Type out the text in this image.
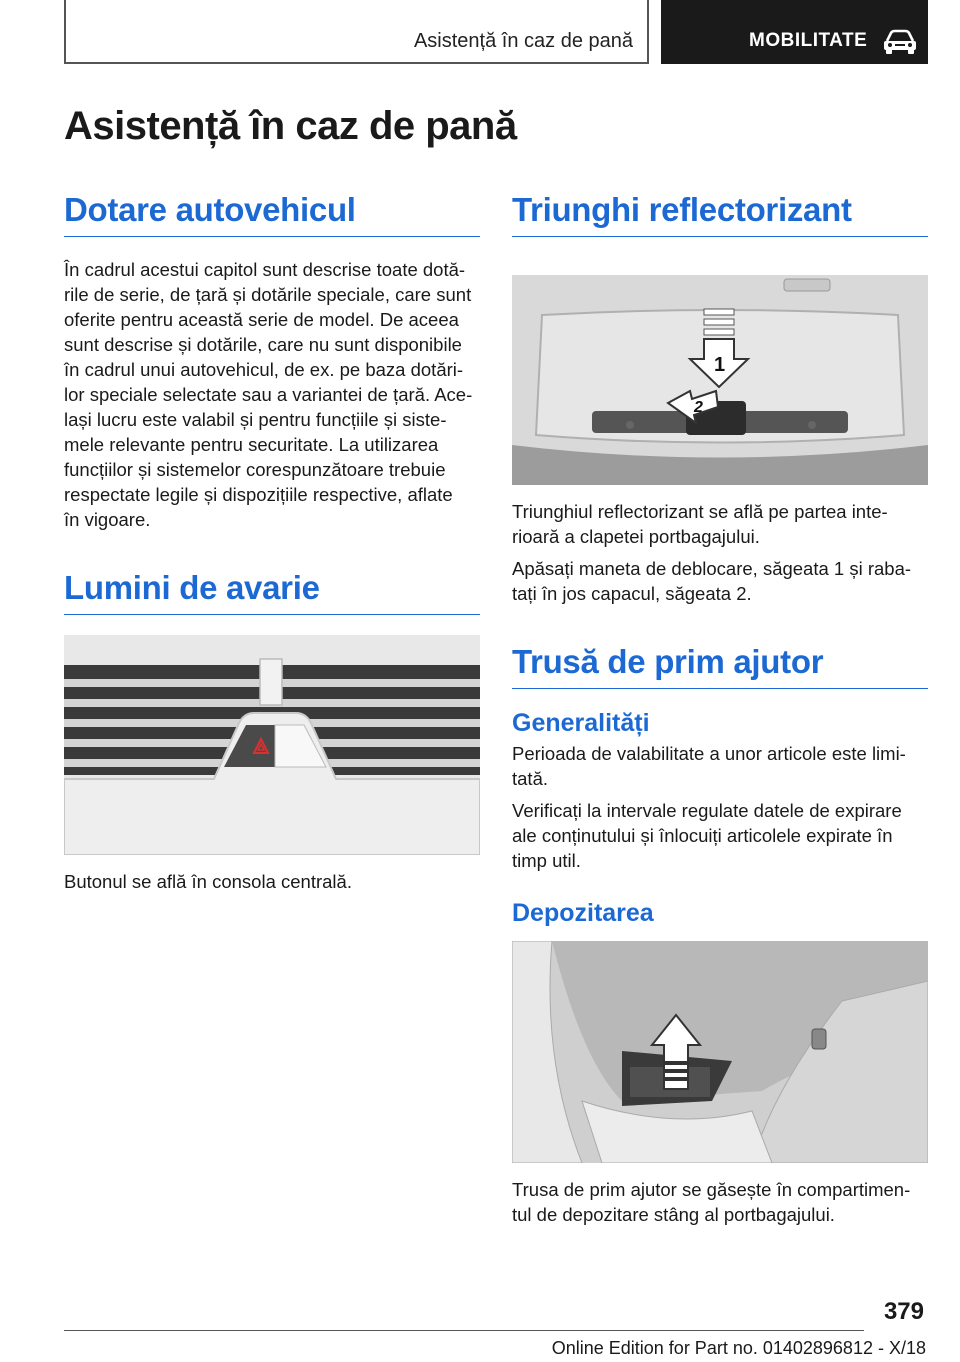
Asistență în caz de pană	MOBILITATE
Asistență în caz de pană
Dotare autovehicul
În cadrul acestui capitol sunt descrise toate dotă‐
rile de serie, de țară și dotările speciale, care sunt
oferite pentru această serie de model. De aceea
sunt descrise și dotările, care nu sunt disponibile
în cadrul unui autovehicul, de ex. pe baza dotări‐
lor speciale selectate sau a variantei de țară. Ace‐
lași lucru este valabil și pentru funcțiile și siste‐
mele relevante pentru securitate. La utilizarea
funcțiilor și sistemelor corespunzătoare trebuie
respectate legile și dispozițiile respective, aflate
în vigoare.
Lumini de avarie
Butonul se află în consola centrală.
Triunghi reflectorizant
1
2
Triunghiul reflectorizant se află pe partea inte‐
rioară a clapetei portbagajului.
Apăsați maneta de deblocare, săgeata 1 și raba‐
tați în jos capacul, săgeata 2.
Trusă de prim ajutor
Generalități
Perioada de valabilitate a unor articole este limi‐
tată.
Verificați la intervale regulate datele de expirare
ale conținutului și înlocuiți articolele expirate în
timp util.
Depozitarea
Trusa de prim ajutor se găsește în compartimen‐
tul de depozitare stâng al portbagajului.
379
Online Edition for Part no. 01402896812 - X/18
